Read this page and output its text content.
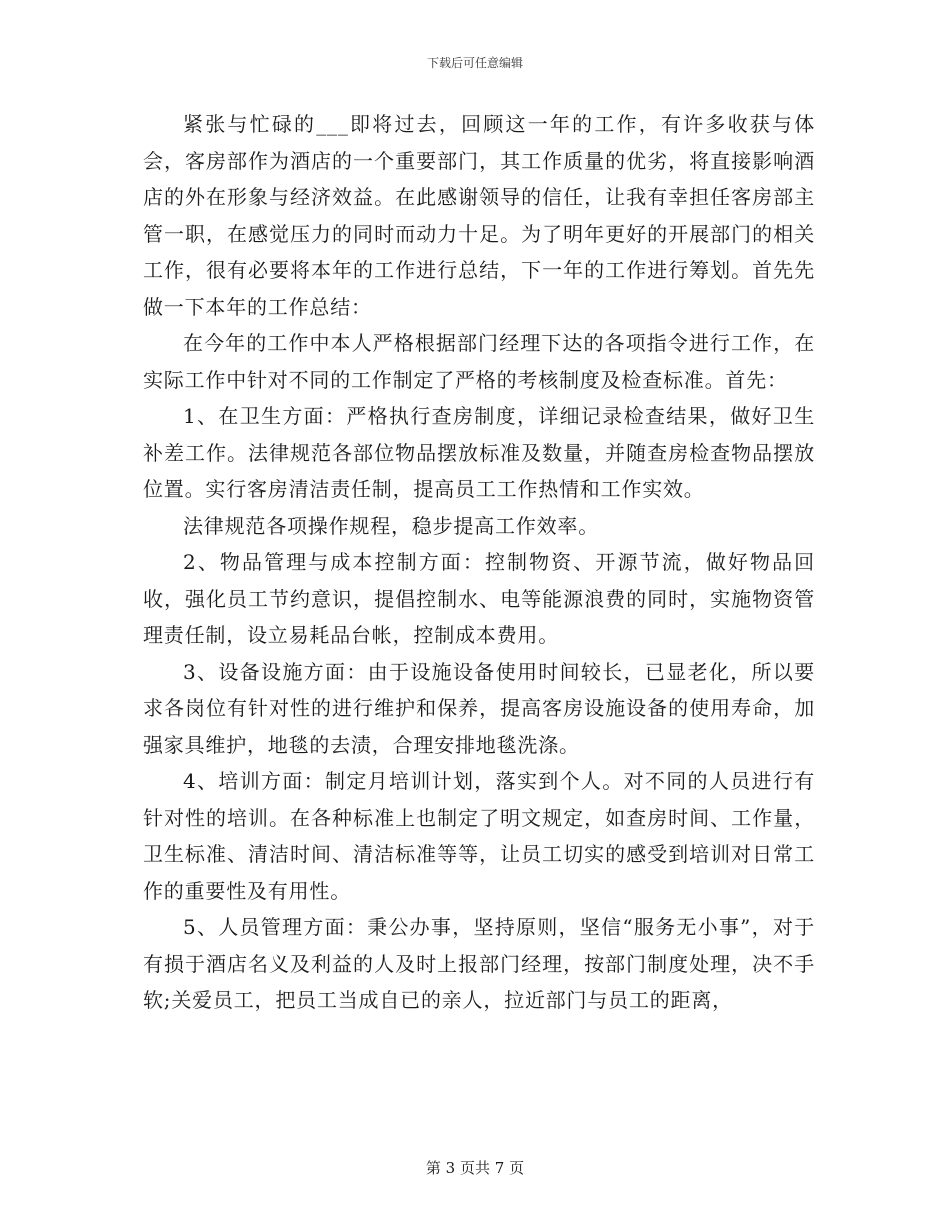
下载后可任意编辑

紧张与忙碌的___即将过去，回顾这一年的工作，有许多收获与体会，客房部作为酒店的一个重要部门，其工作质量的优劣，将直接影响酒店的外在形象与经济效益。在此感谢领导的信任，让我有幸担任客房部主管一职，在感觉压力的同时而动力十足。为了明年更好的开展部门的相关工作，很有必要将本年的工作进行总结，下一年的工作进行筹划。首先先做一下本年的工作总结：

在今年的工作中本人严格根据部门经理下达的各项指令进行工作，在实际工作中针对不同的工作制定了严格的考核制度及检查标准。首先：

1、在卫生方面：严格执行查房制度，详细记录检查结果，做好卫生补差工作。法律规范各部位物品摆放标准及数量，并随查房检查物品摆放位置。实行客房清洁责任制，提高员工工作热情和工作实效。

法律规范各项操作规程，稳步提高工作效率。

2、物品管理与成本控制方面：控制物资、开源节流，做好物品回收，强化员工节约意识，提倡控制水、电等能源浪费的同时，实施物资管理责任制，设立易耗品台帐，控制成本费用。

3、设备设施方面：由于设施设备使用时间较长，已显老化，所以要求各岗位有针对性的进行维护和保养，提高客房设施设备的使用寿命，加强家具维护，地毯的去渍，合理安排地毯洗涤。

4、培训方面：制定月培训计划，落实到个人。对不同的人员进行有针对性的培训。在各种标准上也制定了明文规定，如查房时间、工作量，卫生标准、清洁时间、清洁标准等等，让员工切实的感受到培训对日常工作的重要性及有用性。

5、人员管理方面：秉公办事，坚持原则，坚信“服务无小事”，对于有损于酒店名义及利益的人及时上报部门经理，按部门制度处理，决不手软;关爱员工，把员工当成自已的亲人，拉近部门与员工的距离，

第 3 页共 7 页
